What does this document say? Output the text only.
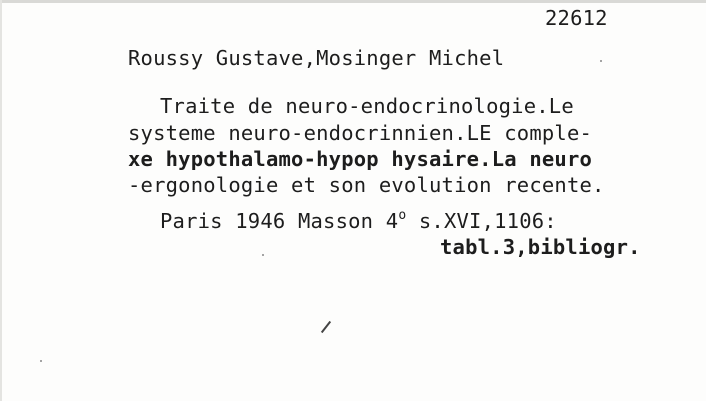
22612
Roussy Gustave,Mosinger Michel
Traite de neuro-endocrinologie.Le
systeme neuro-endocrinnien.LE comple-
xe hypothalamo-hypop hysaire.La neuro
-ergonologie et son evolution recente.
Paris 1946 Masson 4$^o$ s.XVI,1106:
tabl.3,bibliogr.
